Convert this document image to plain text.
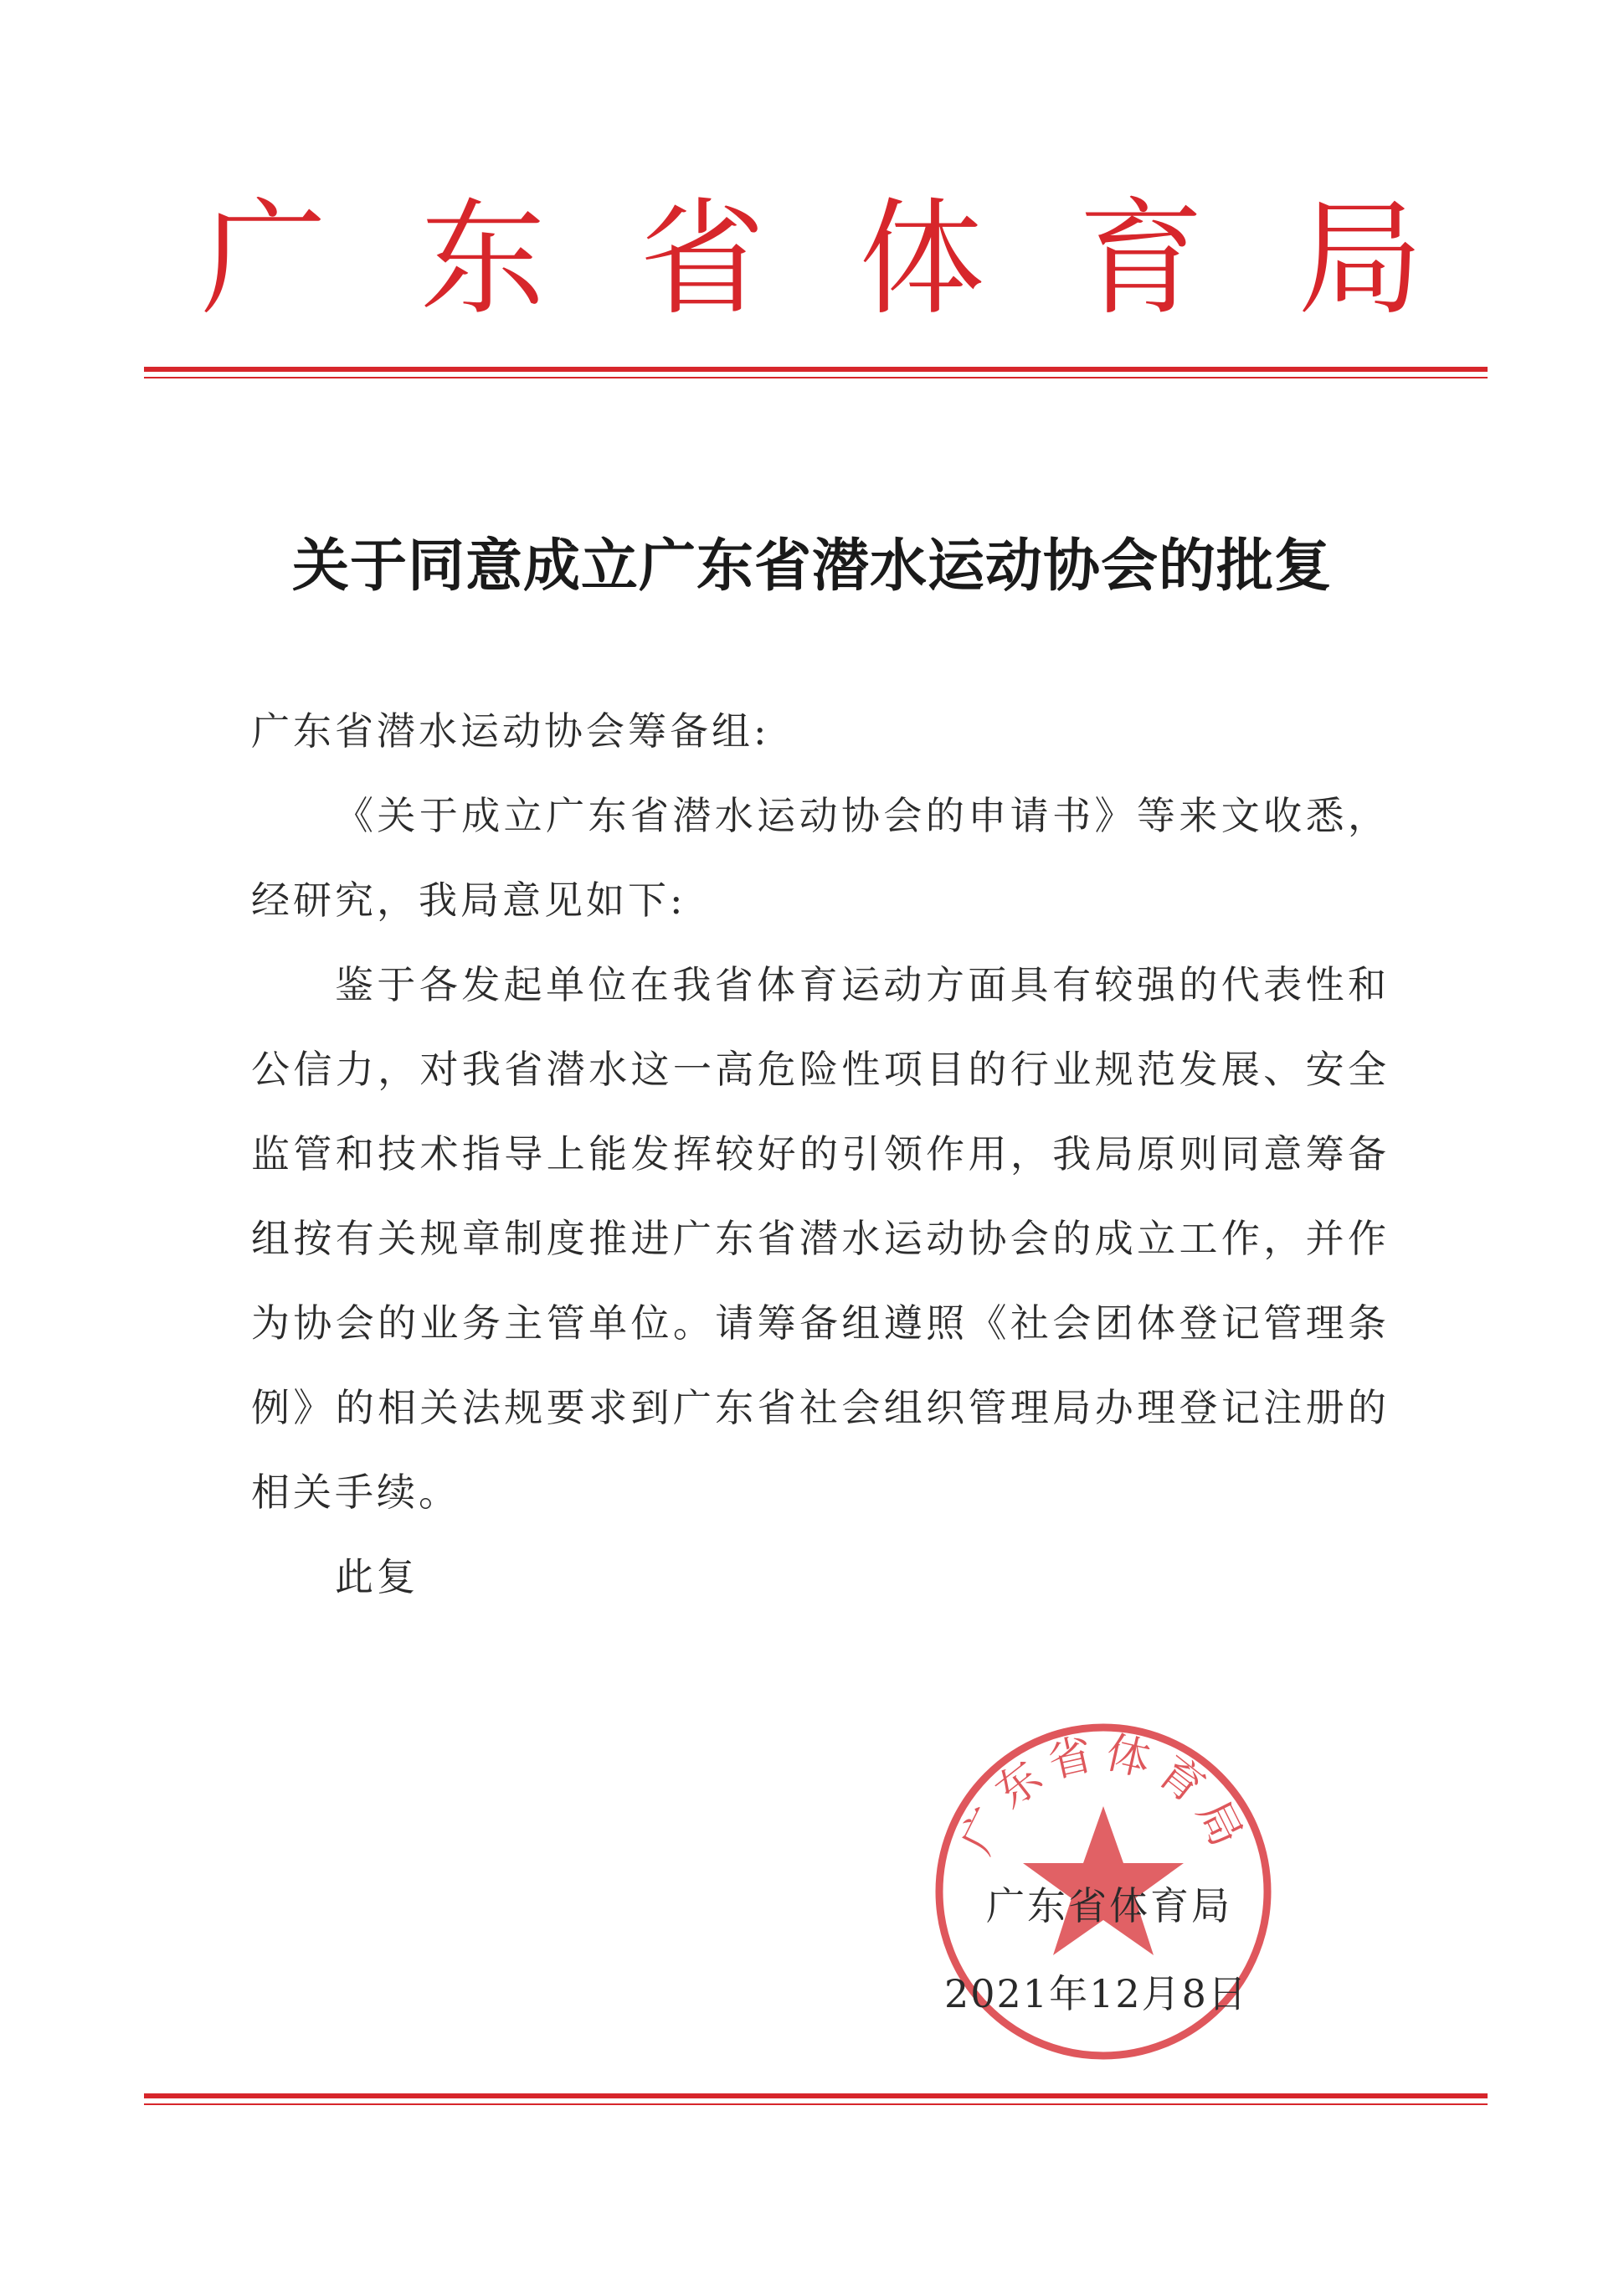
广 东 省 体 育 局
关于同意成立广东省潜水运动协会的批复

广东省潜水运动协会筹备组:

《关于成立广东省潜水运动协会的申请书》等来文收悉，经研究，我局意见如下:

鉴于各发起单位在我省体育运动方面具有较强的代表性和公信力，对我省潜水这一高危险性项目的行业规范发展、安全监管和技术指导上能发挥较好的引领作用，我局原则同意筹备组按有关规章制度推进广东省潜水运动协会的成立工作，并作为协会的业务主管单位。请筹备组遵照《社会团体登记管理条例》的相关法规要求到广东省社会组织管理局办理登记注册的相关手续。

此复

广东省体育局
广东省体育局
2021年12月8日
